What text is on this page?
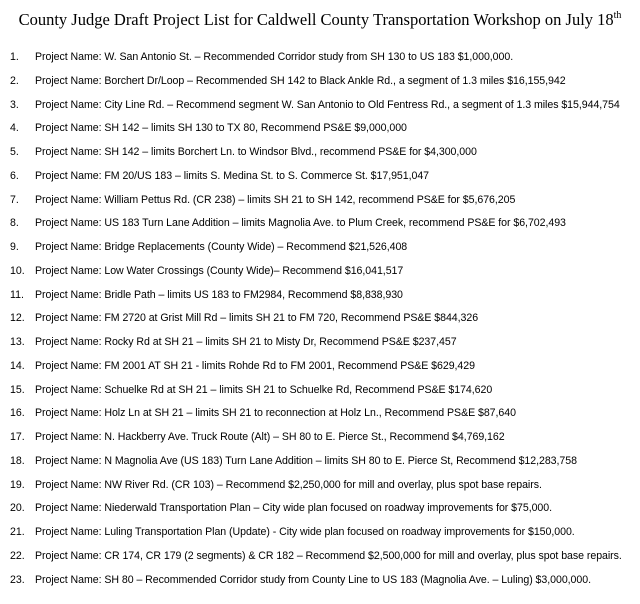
County Judge Draft Project List for Caldwell County Transportation Workshop on July 18th
1. Project Name: W. San Antonio St. – Recommended Corridor study from SH 130 to US 183 $1,000,000.
2. Project Name: Borchert Dr/Loop – Recommended SH 142 to Black Ankle Rd., a segment of 1.3 miles $16,155,942
3. Project Name: City Line Rd. – Recommend segment W. San Antonio to Old Fentress Rd., a segment of 1.3 miles $15,944,754
4. Project Name: SH 142 – limits SH 130 to TX 80, Recommend PS&E $9,000,000
5. Project Name: SH 142 – limits Borchert Ln. to Windsor Blvd., recommend PS&E for $4,300,000
6. Project Name: FM 20/US 183 – limits S. Medina St. to S. Commerce St. $17,951,047
7. Project Name: William Pettus Rd. (CR 238) – limits SH 21 to SH 142, recommend PS&E for $5,676,205
8. Project Name: US 183 Turn Lane Addition – limits Magnolia Ave. to Plum Creek, recommend PS&E for $6,702,493
9. Project Name: Bridge Replacements (County Wide) – Recommend $21,526,408
10. Project Name: Low Water Crossings (County Wide)– Recommend $16,041,517
11. Project Name: Bridle Path – limits US 183 to FM2984, Recommend $8,838,930
12. Project Name: FM 2720 at Grist Mill Rd – limits SH 21 to FM 720, Recommend PS&E $844,326
13. Project Name: Rocky Rd at SH 21 – limits SH 21 to Misty Dr, Recommend PS&E $237,457
14. Project Name: FM 2001 AT SH 21 - limits Rohde Rd to FM 2001, Recommend PS&E $629,429
15. Project Name: Schuelke Rd at SH 21 – limits SH 21 to Schuelke Rd, Recommend PS&E $174,620
16. Project Name: Holz Ln at SH 21 – limits SH 21 to reconnection at Holz Ln., Recommend PS&E $87,640
17. Project Name: N. Hackberry Ave. Truck Route (Alt) – SH 80 to E. Pierce St., Recommend $4,769,162
18. Project Name: N Magnolia Ave (US 183) Turn Lane Addition – limits SH 80 to E. Pierce St, Recommend $12,283,758
19. Project Name: NW River Rd. (CR 103) – Recommend $2,250,000 for mill and overlay, plus spot base repairs.
20. Project Name: Niederwald Transportation Plan – City wide plan focused on roadway improvements for $75,000.
21. Project Name: Luling Transportation Plan (Update) - City wide plan focused on roadway improvements for $150,000.
22. Project Name: CR 174, CR 179 (2 segments) & CR 182 – Recommend $2,500,000 for mill and overlay, plus spot base repairs.
23. Project Name: SH 80 – Recommended Corridor study from County Line to US 183 (Magnolia Ave. – Luling) $3,000,000.
